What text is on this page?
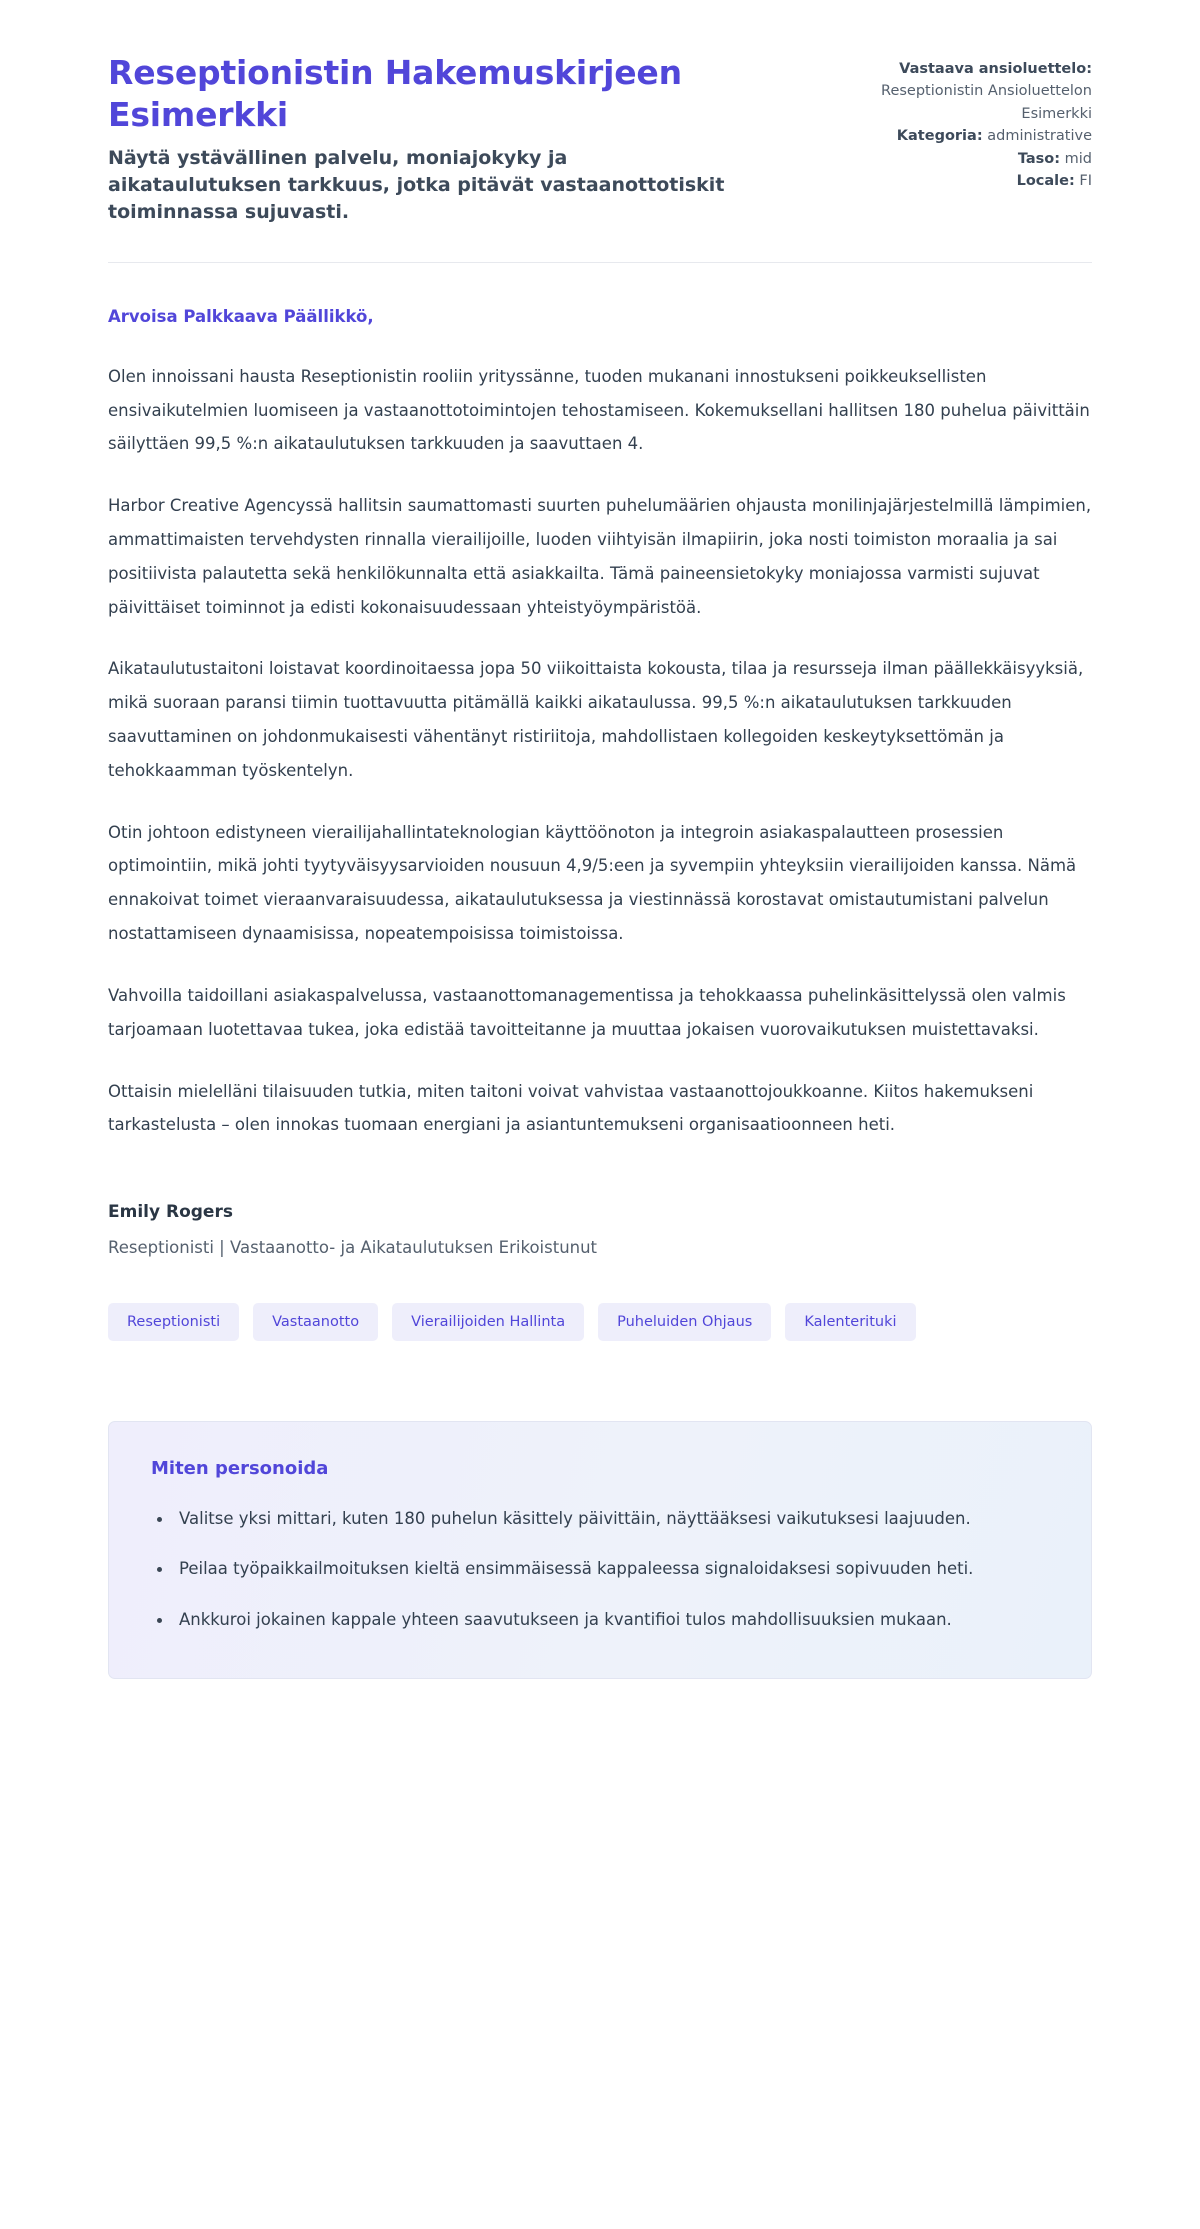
Reseptionistin Hakemuskirjeen Esimerkki

Näytä ystävällinen palvelu, moniajokyky ja aikataulutuksen tarkkuus, jotka pitävät vastaanottotiskit toiminnassa sujuvasti.

Vastaava ansioluettelo: Reseptionistin Ansioluettelon Esimerkki
Kategoria: administrative
Taso: mid
Locale: FI

Arvoisa Palkkaava Päällikkö,

Olen innoissani hausta Reseptionistin rooliin yrityssänne, tuoden mukanani innostukseni poikkeuksellisten ensivaikutelmien luomiseen ja vastaanottotoimintojen tehostamiseen. Kokemuksellani hallitsen 180 puhelua päivittäin säilyttäen 99,5 %:n aikataulutuksen tarkkuuden ja saavuttaen 4.

Harbor Creative Agencyssä hallitsin saumattomasti suurten puhelumäärien ohjausta monilinjajärjestelmillä lämpimien, ammattimaisten tervehdysten rinnalla vierailijoille, luoden viihtyisän ilmapiirin, joka nosti toimiston moraalia ja sai positiivista palautetta sekä henkilökunnalta että asiakkailta. Tämä paineensietokyky moniajossa varmisti sujuvat päivittäiset toiminnot ja edisti kokonaisuudessaan yhteistyöympäristöä.

Aikataulutustaitoni loistavat koordinoitaessa jopa 50 viikoittaista kokousta, tilaa ja resursseja ilman päällekkäisyyksiä, mikä suoraan paransi tiimin tuottavuutta pitämällä kaikki aikataulussa. 99,5 %:n aikataulutuksen tarkkuuden saavuttaminen on johdonmukaisesti vähentänyt ristiriitoja, mahdollistaen kollegoiden keskeytyksettömän ja tehokkaamman työskentelyn.

Otin johtoon edistyneen vierailijahallintateknologian käyttöönoton ja integroin asiakaspalautteen prosessien optimointiin, mikä johti tyytyväisyysarvioiden nousuun 4,9/5:een ja syvempiin yhteyksiin vierailijoiden kanssa. Nämä ennakoivat toimet vieraanvaraisuudessa, aikataulutuksessa ja viestinnässä korostavat omistautumistani palvelun nostattamiseen dynaamisissa, nopeatempoisissa toimistoissa.

Vahvoilla taidoillani asiakaspalvelussa, vastaanottomanagementissa ja tehokkaassa puhelinkäsittelyssä olen valmis tarjoamaan luotettavaa tukea, joka edistää tavoitteitanne ja muuttaa jokaisen vuorovaikutuksen muistettavaksi.

Ottaisin mielelläni tilaisuuden tutkia, miten taitoni voivat vahvistaa vastaanottojoukkoanne. Kiitos hakemukseni tarkastelusta – olen innokas tuomaan energiani ja asiantuntemukseni organisaatioonneen heti.

Emily Rogers
Reseptionisti | Vastaanotto- ja Aikataulutuksen Erikoistunut
Reseptionisti	Vastaanotto	Vierailijoiden Hallinta	Puheluiden Ohjaus	Kalenterituki
Miten personoida
Valitse yksi mittari, kuten 180 puhelun käsittely päivittäin, näyttääksesi vaikutuksesi laajuuden.
Peilaa työpaikkailmoituksen kieltä ensimmäisessä kappaleessa signaloidaksesi sopivuuden heti.
Ankkuroi jokainen kappale yhteen saavutukseen ja kvantifioi tulos mahdollisuuksien mukaan.
